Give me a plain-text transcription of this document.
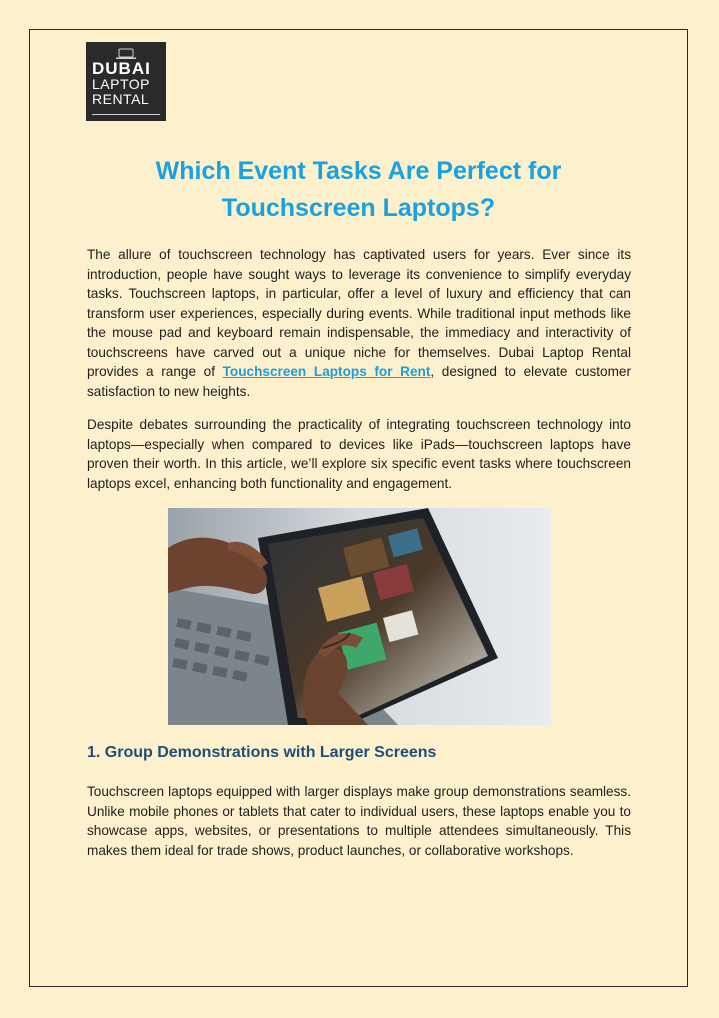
DUBAI
LAPTOP
RENTAL
Which Event Tasks Are Perfect for
Touchscreen Laptops?
The allure of touchscreen technology has captivated users for years. Ever since its introduction, people have sought ways to leverage its convenience to simplify everyday tasks. Touchscreen laptops, in particular, offer a level of luxury and efficiency that can transform user experiences, especially during events. While traditional input methods like the mouse pad and keyboard remain indispensable, the immediacy and interactivity of touchscreens have carved out a unique niche for themselves. Dubai Laptop Rental provides a range of Touchscreen Laptops for Rent, designed to elevate customer satisfaction to new heights.
Despite debates surrounding the practicality of integrating touchscreen technology into laptops—especially when compared to devices like iPads—touchscreen laptops have proven their worth. In this article, we’ll explore six specific event tasks where touchscreen laptops excel, enhancing both functionality and engagement.
1. Group Demonstrations with Larger Screens
Touchscreen laptops equipped with larger displays make group demonstrations seamless. Unlike mobile phones or tablets that cater to individual users, these laptops enable you to showcase apps, websites, or presentations to multiple attendees simultaneously. This makes them ideal for trade shows, product launches, or collaborative workshops.
